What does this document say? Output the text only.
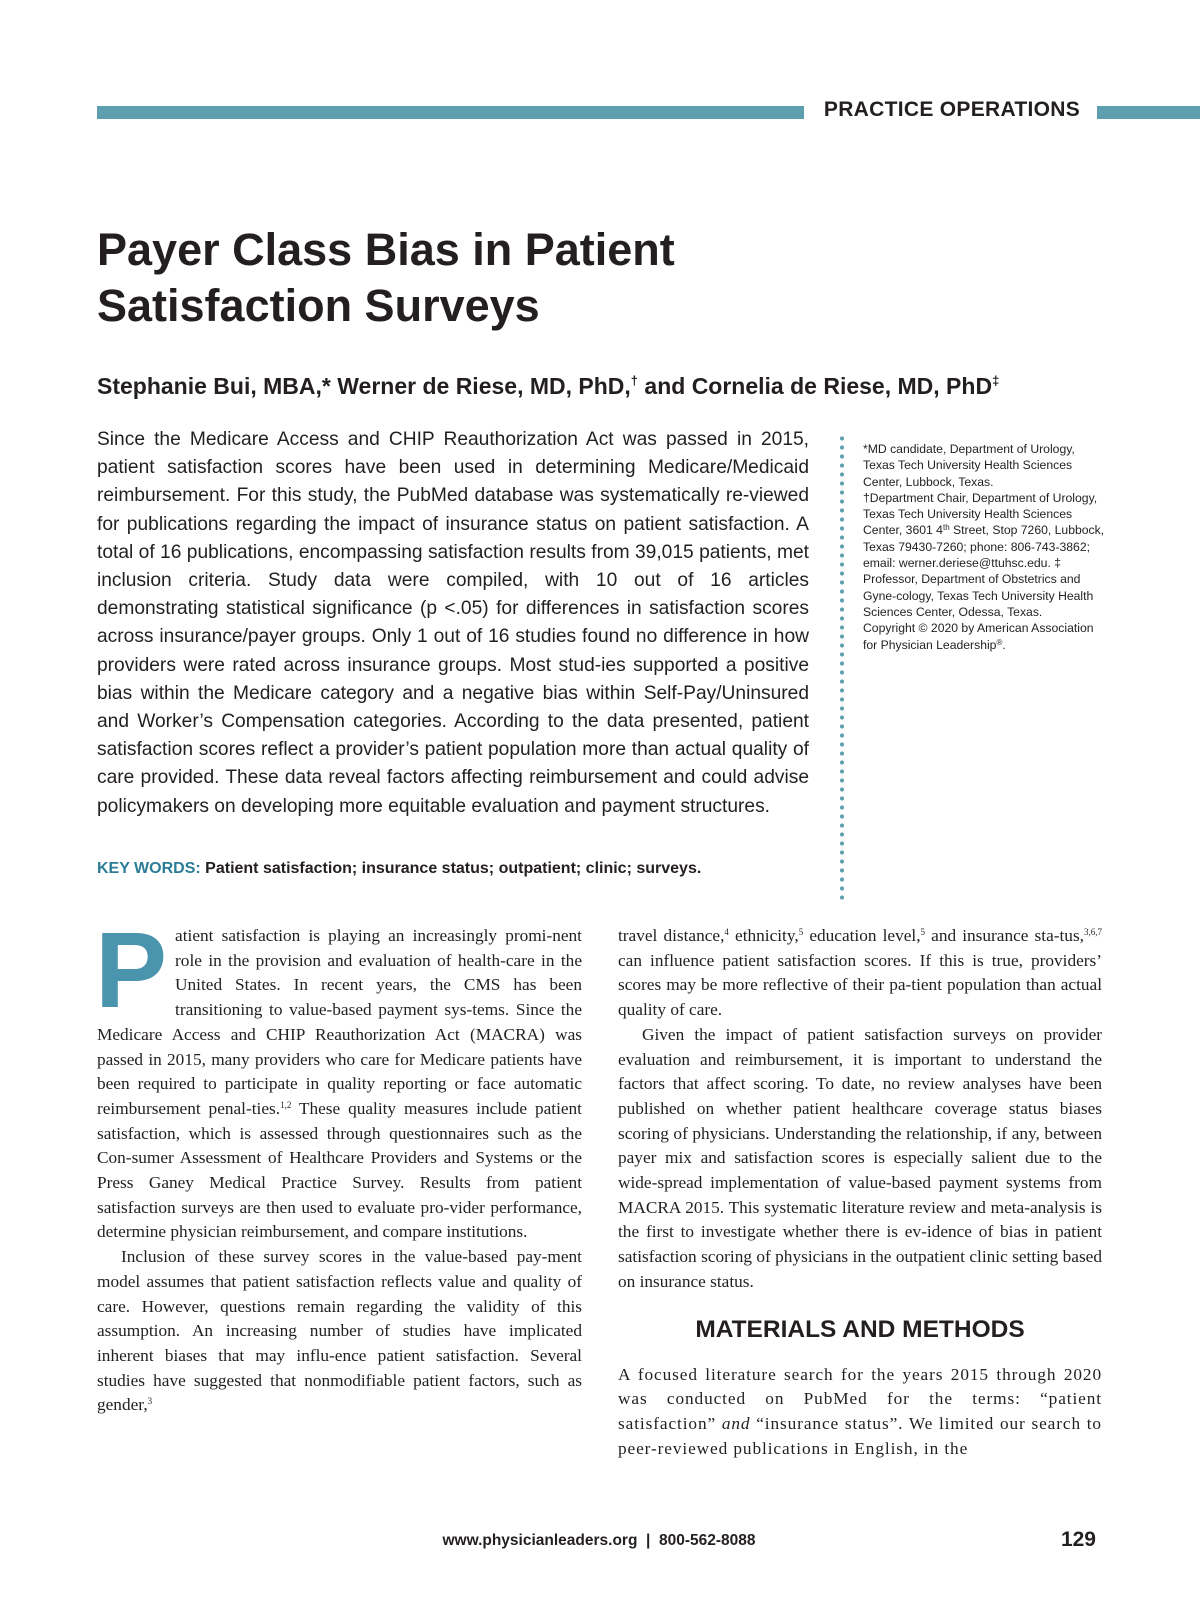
PRACTICE OPERATIONS
Payer Class Bias in Patient Satisfaction Surveys

Stephanie Bui, MBA,* Werner de Riese, MD, PhD,† and Cornelia de Riese, MD, PhD‡

Since the Medicare Access and CHIP Reauthorization Act was passed in 2015, patient satisfaction scores have been used in determining Medicare/Medicaid reimbursement. For this study, the PubMed database was systematically re-viewed for publications regarding the impact of insurance status on patient satisfaction. A total of 16 publications, encompassing satisfaction results from 39,015 patients, met inclusion criteria. Study data were compiled, with 10 out of 16 articles demonstrating statistical significance (p <.05) for differences in satisfaction scores across insurance/payer groups. Only 1 out of 16 studies found no difference in how providers were rated across insurance groups. Most stud-ies supported a positive bias within the Medicare category and a negative bias within Self-Pay/Uninsured and Worker’s Compensation categories. According to the data presented, patient satisfaction scores reflect a provider’s patient population more than actual quality of care provided. These data reveal factors affecting reimbursement and could advise policymakers on developing more equitable evaluation and payment structures.

KEY WORDS: Patient satisfaction; insurance status; outpatient; clinic; surveys.

*MD candidate, Department of Urology, Texas Tech University Health Sciences Center, Lubbock, Texas.

†Department Chair, Department of Urology, Texas Tech University Health Sciences Center, 3601 4th Street, Stop 7260, Lubbock, Texas 79430-7260; phone: 806-743-3862; email: werner.deriese@ttuhsc.edu. ‡ Professor, Department of Obstetrics and Gyne-cology, Texas Tech University Health Sciences Center, Odessa, Texas.

Copyright © 2020 by American Association for Physician Leadership®.

Patient satisfaction is playing an increasingly promi-nent role in the provision and evaluation of health-care in the United States. In recent years, the CMS has been transitioning to value-based payment sys-tems. Since the Medicare Access and CHIP Reauthorization Act (MACRA) was passed in 2015, many providers who care for Medicare patients have been required to participate in quality reporting or face automatic reimbursement penal-ties.$^{1,2}$ These quality measures include patient satisfaction, which is assessed through questionnaires such as the Con-sumer Assessment of Healthcare Providers and Systems or the Press Ganey Medical Practice Survey. Results from patient satisfaction surveys are then used to evaluate pro-vider performance, determine physician reimbursement, and compare institutions.

Inclusion of these survey scores in the value-based pay-ment model assumes that patient satisfaction reflects value and quality of care. However, questions remain regarding the validity of this assumption. An increasing number of studies have implicated inherent biases that may influ-ence patient satisfaction. Several studies have suggested that nonmodifiable patient factors, such as gender,$^3$

travel distance,$^4$ ethnicity,$^5$ education level,$^5$ and insurance sta-tus,$^{3,6,7}$ can influence patient satisfaction scores. If this is true, providers’ scores may be more reflective of their pa-tient population than actual quality of care.

Given the impact of patient satisfaction surveys on provider evaluation and reimbursement, it is important to understand the factors that affect scoring. To date, no review analyses have been published on whether patient healthcare coverage status biases scoring of physicians. Understanding the relationship, if any, between payer mix and satisfaction scores is especially salient due to the wide-spread implementation of value-based payment systems from MACRA 2015. This systematic literature review and meta-analysis is the first to investigate whether there is ev-idence of bias in patient satisfaction scoring of physicians in the outpatient clinic setting based on insurance status.

MATERIALS AND METHODS

A focused literature search for the years 2015 through 2020 was conducted on PubMed for the terms: “patient satisfaction” and “insurance status”. We limited our search to peer-reviewed publications in English, in the

www.physicianleaders.org  |  800-562-8088	129
